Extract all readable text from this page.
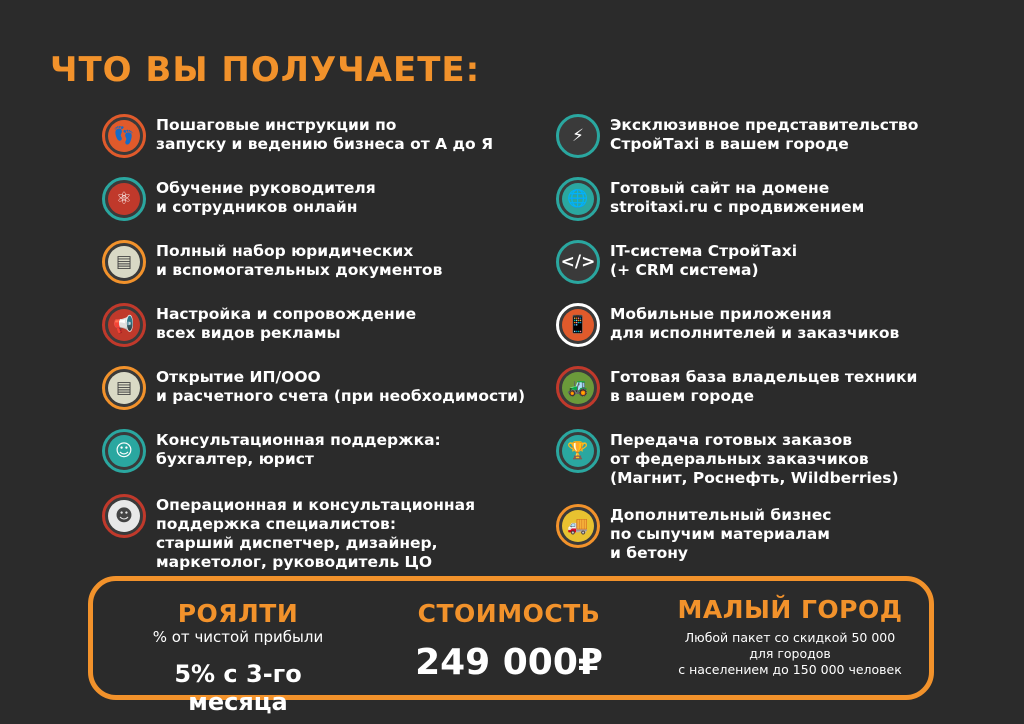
ЧТО ВЫ ПОЛУЧАЕТЕ:
👣
Пошаговые инструкции по
запуску и ведению бизнеса от А до Я
⚛
Обучение руководителя
и сотрудников онлайн
▤
Полный набор юридических
и вспомогательных документов
📢
Настройка и сопровождение
всех видов рекламы
▤
Открытие ИП/ООО
и расчетного счета (при необходимости)
☺
Консультационная поддержка:
бухгалтер, юрист
☻
Операционная и консультационная
поддержка специалистов:
старший диспетчер, дизайнер,
маркетолог, руководитель ЦО
⚡
Эксклюзивное представительство
СтройТахі в вашем городе
🌐
Готовый сайт на домене
stroitaxi.ru с продвижением
</>
IT-система СтройТахі
(+ CRM система)
📱
Мобильные приложения
для исполнителей и заказчиков
🚜
Готовая база владельцев техники
в вашем городе
🏆
Передача готовых заказов
от федеральных заказчиков
(Магнит, Роснефть, Wildberries)
🚚
Дополнительный бизнес
по сыпучим материалам
и бетону
РОЯЛТИ
% от чистой прибыли
5% с 3-го месяца
СТОИМОСТЬ
249 000₽
МАЛЫЙ ГОРОД
Любой пакет со скидкой 50 000
для городов
с населением до 150 000 человек
